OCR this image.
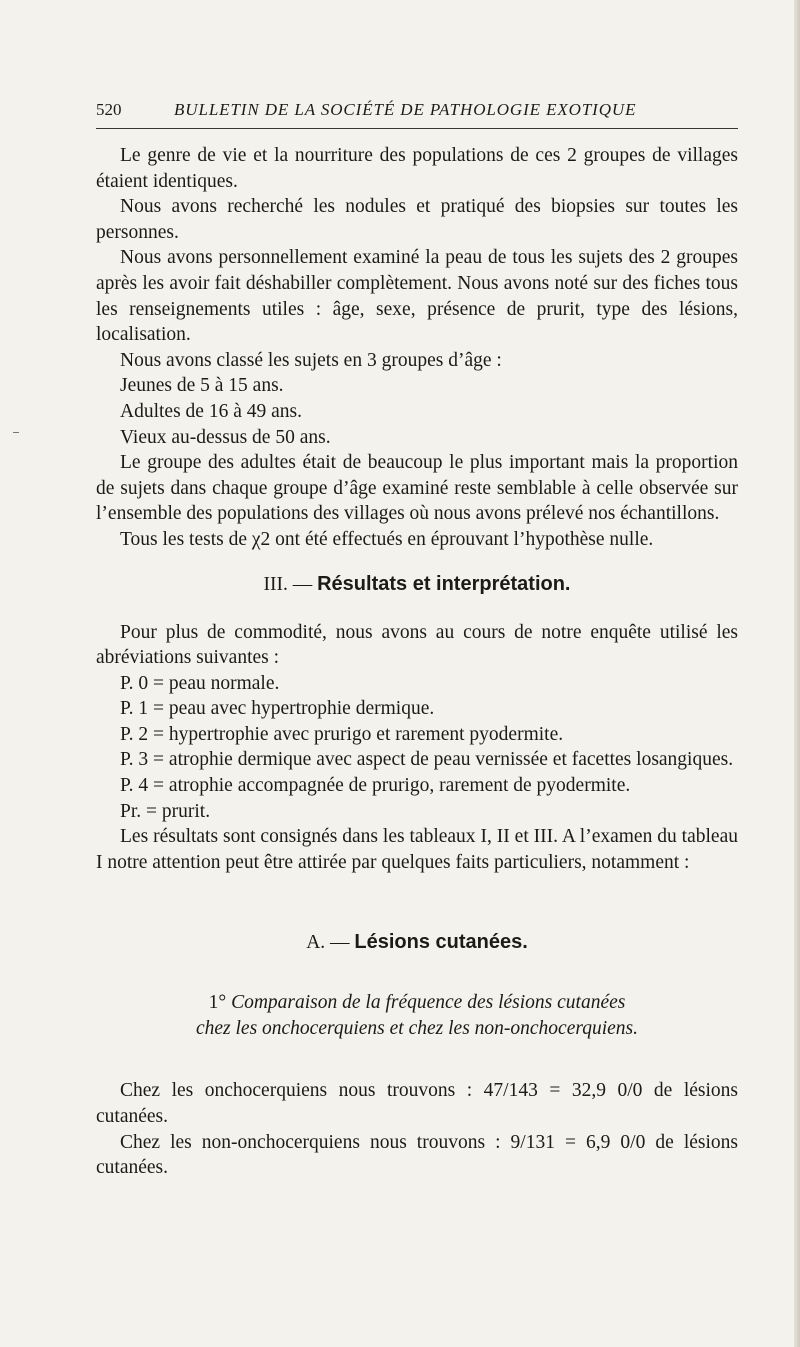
520	BULLETIN DE LA SOCIÉTÉ DE PATHOLOGIE EXOTIQUE

Le genre de vie et la nourriture des populations de ces 2 groupes de villages étaient identiques.

Nous avons recherché les nodules et pratiqué des biopsies sur toutes les personnes.

Nous avons personnellement examiné la peau de tous les sujets des 2 groupes après les avoir fait déshabiller complètement. Nous avons noté sur des fiches tous les renseignements utiles : âge, sexe, présence de prurit, type des lésions, localisation.

Nous avons classé les sujets en 3 groupes d’âge :

Jeunes de 5 à 15 ans.

Adultes de 16 à 49 ans.

Vieux au-dessus de 50 ans.

Le groupe des adultes était de beaucoup le plus important mais la proportion de sujets dans chaque groupe d’âge examiné reste semblable à celle observée sur l’ensemble des populations des villages où nous avons prélevé nos échantillons.

Tous les tests de χ2 ont été effectués en éprouvant l’hypothèse nulle.

III. — Résultats et interprétation.

Pour plus de commodité, nous avons au cours de notre enquête utilisé les abréviations suivantes :

P. 0 = peau normale.

P. 1 = peau avec hypertrophie dermique.

P. 2 = hypertrophie avec prurigo et rarement pyodermite.

P. 3 = atrophie dermique avec aspect de peau vernissée et facettes losangiques.

P. 4 = atrophie accompagnée de prurigo, rarement de pyodermite.

Pr. = prurit.

Les résultats sont consignés dans les tableaux I, II et III. A l’examen du tableau I notre attention peut être attirée par quelques faits particuliers, notamment :

A. — Lésions cutanées.
1° Comparaison de la fréquence des lésions cutanées
chez les onchocerquiens et chez les non-onchocerquiens.

Chez les onchocerquiens nous trouvons : 47/143 = 32,9 0/0 de lésions cutanées.

Chez les non-onchocerquiens nous trouvons : 9/131 = 6,9 0/0 de lésions cutanées.
